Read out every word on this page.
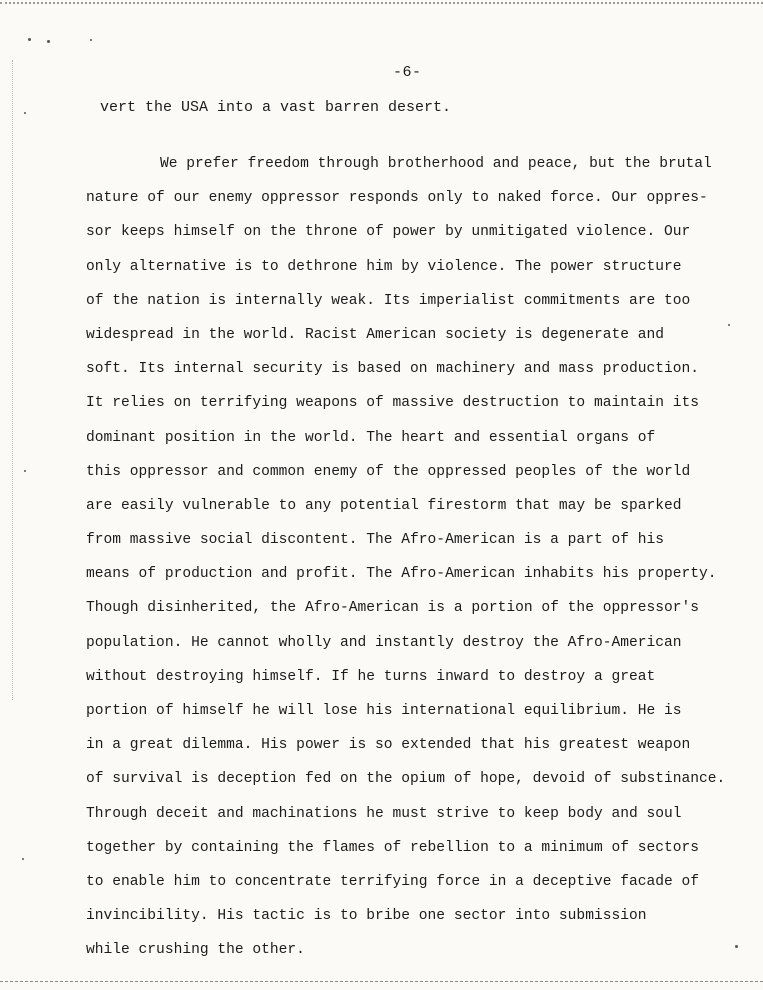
-6-
vert the USA into a vast barren desert.
We prefer freedom through brotherhood and peace, but the brutal
nature of our enemy oppressor responds only to naked force. Our oppres-
sor keeps himself on the throne of power by unmitigated violence. Our
only alternative is to dethrone him by violence. The power structure
of the nation is internally weak. Its imperialist commitments are too
widespread in the world. Racist American society is degenerate and
soft. Its internal security is based on machinery and mass production.
It relies on terrifying weapons of massive destruction to maintain its
dominant position in the world. The heart and essential organs of
this oppressor and common enemy of the oppressed peoples of the world
are easily vulnerable to any potential firestorm that may be sparked
from massive social discontent. The Afro-American is a part of his
means of production and profit. The Afro-American inhabits his property.
Though disinherited, the Afro-American is a portion of the oppressor's
population. He cannot wholly and instantly destroy the Afro-American
without destroying himself. If he turns inward to destroy a great
portion of himself he will lose his international equilibrium. He is
in a great dilemma. His power is so extended that his greatest weapon
of survival is deception fed on the opium of hope, devoid of substinance.
Through deceit and machinations he must strive to keep body and soul
together by containing the flames of rebellion to a minimum of sectors
to enable him to concentrate terrifying force in a deceptive facade of
invincibility. His tactic is to bribe one sector into submission
while crushing the other.
